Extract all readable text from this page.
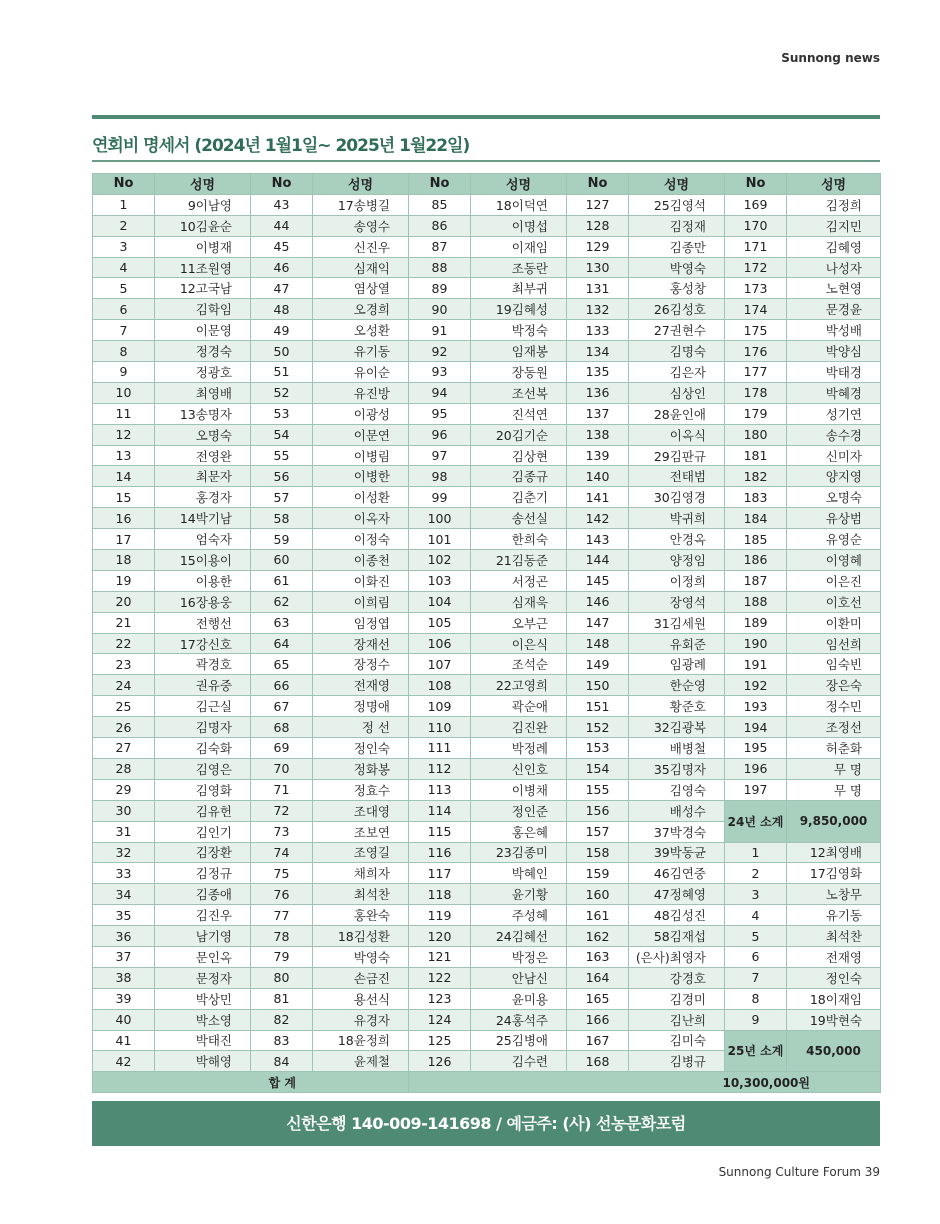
Sunnong news
연회비 명세서 (2024년 1월1일~ 2025년 1월22일)
No	성명	No	성명	No	성명	No	성명	No	성명
1	9이남영	43	17송병길	85	18이덕연	127	25김영석	169	김정희
2	10김윤순	44	송영수	86	이명섭	128	김정재	170	김지민
3	이병재	45	신진우	87	이재임	129	김종만	171	김혜영
4	11조원영	46	심재익	88	조동란	130	박영숙	172	나성자
5	12고국남	47	염상열	89	최부귀	131	홍성창	173	노현영
6	김학임	48	오경희	90	19김혜성	132	26김성호	174	문경윤
7	이문영	49	오성환	91	박정숙	133	27권현수	175	박성배
8	정경숙	50	유기동	92	임재봉	134	김명숙	176	박양심
9	정광호	51	유이순	93	장동원	135	김은자	177	박태경
10	최영배	52	유진방	94	조선복	136	심상인	178	박혜경
11	13송명자	53	이광성	95	진석연	137	28윤인애	179	성기연
12	오명숙	54	이문연	96	20김기순	138	이옥식	180	송수경
13	전영완	55	이병림	97	김상현	139	29김판규	181	신미자
14	최문자	56	이병한	98	김종규	140	전태범	182	양지영
15	홍경자	57	이성환	99	김춘기	141	30김영경	183	오명숙
16	14박기남	58	이옥자	100	송선실	142	박귀희	184	유상범
17	엄숙자	59	이정숙	101	한희숙	143	안경옥	185	유영순
18	15이용이	60	이종천	102	21김동준	144	양정임	186	이영혜
19	이용한	61	이화진	103	서정곤	145	이정희	187	이은진
20	16장용웅	62	이희림	104	심재욱	146	장영석	188	이호선
21	전행선	63	임정엽	105	오부근	147	31김세원	189	이환미
22	17강신호	64	장재선	106	이은식	148	유회준	190	임선희
23	곽경호	65	장정수	107	조석순	149	임광례	191	임숙빈
24	권유중	66	전재영	108	22고영희	150	한순영	192	장은숙
25	김근실	67	정명애	109	곽순애	151	황준호	193	정수민
26	김명자	68	정 선	110	김진완	152	32김광복	194	조정선
27	김숙화	69	정인숙	111	박정례	153	배병철	195	허춘화
28	김영은	70	정화봉	112	신인호	154	35김명자	196	무 명
29	김영화	71	정효수	113	이병채	155	김영숙	197	무 명
30	김유헌	72	조대영	114	정인준	156	배성수	24년 소계	9,850,000
31	김인기	73	조보연	115	홍은혜	157	37박경숙		
32	김장환	74	조영길	116	23김종미	158	39박동균	1	12최영배
33	김정규	75	채희자	117	박혜인	159	46김연중	2	17김영화
34	김종애	76	최석찬	118	윤기황	160	47정혜영	3	노창무
35	김진우	77	홍완숙	119	주성혜	161	48김성진	4	유기동
36	남기영	78	18김성환	120	24김혜선	162	58김재섭	5	최석찬
37	문인옥	79	박영숙	121	박정은	163	(은사)최영자	6	전재영
38	문정자	80	손금진	122	안남신	164	강경호	7	정인숙
39	박상민	81	용선식	123	윤미용	165	김경미	8	18이재임
40	박소영	82	유경자	124	24홍석주	166	김난희	9	19박현숙
41	박태진	83	18윤정희	125	25김병애	167	김미숙	25년 소계	450,000
42	박해영	84	윤제철	126	김수련	168	김병규		
합 계				10,300,000원					
신한은행 140-009-141698 / 예금주: (사) 선농문화포럼
Sunnong Culture Forum 39
